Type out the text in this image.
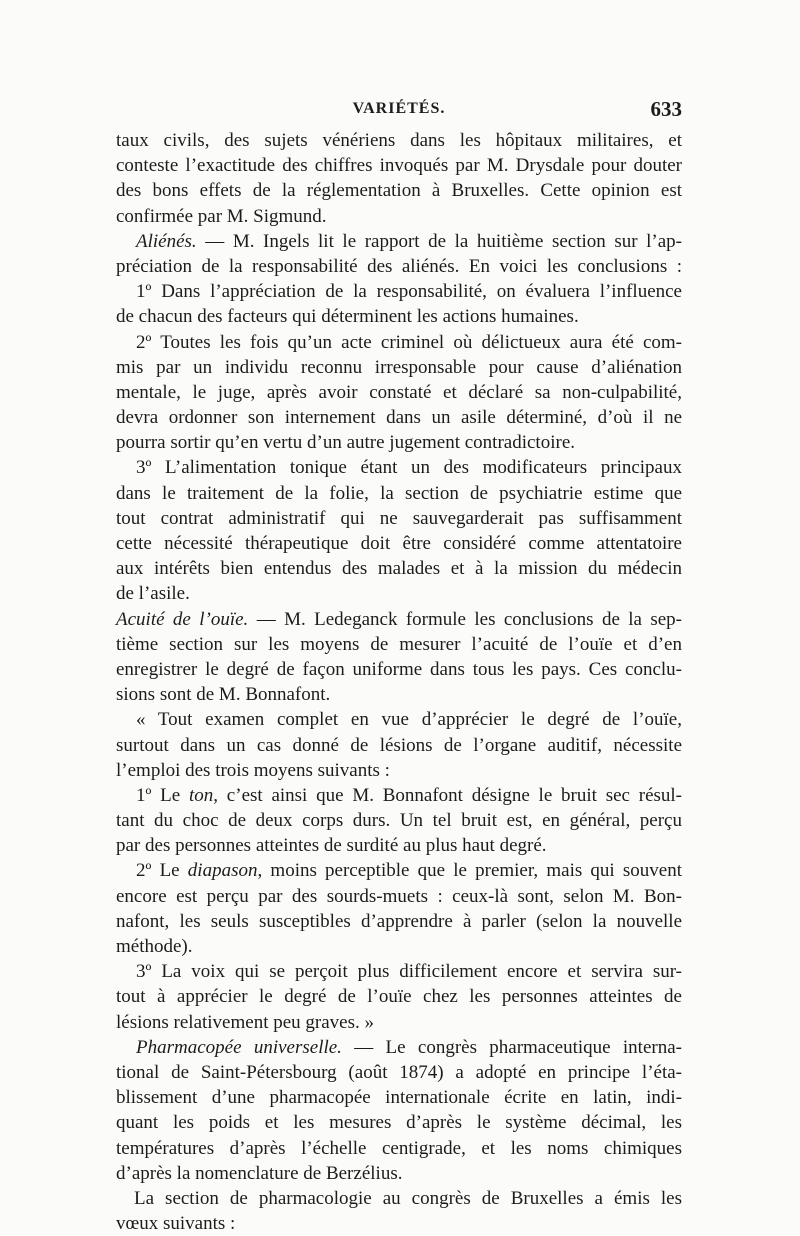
VARIÉTÉS.	633
taux civils, des sujets vénériens dans les hôpitaux militaires, et
conteste l’exactitude des chiffres invoqués par M. Drysdale pour douter
des bons effets de la réglementation à Bruxelles. Cette opinion est
confirmée par M. Sigmund.
Aliénés. — M. Ingels lit le rapport de la huitième section sur l’ap-
préciation de la responsabilité des aliénés. En voici les conclusions :
1º Dans l’appréciation de la responsabilité, on évaluera l’influence
de chacun des facteurs qui déterminent les actions humaines.
2º Toutes les fois qu’un acte criminel où délictueux aura été com-
mis par un individu reconnu irresponsable pour cause d’aliénation
mentale, le juge, après avoir constaté et déclaré sa non-culpabilité,
devra ordonner son internement dans un asile déterminé, d’où il ne
pourra sortir qu’en vertu d’un autre jugement contradictoire.
3º L’alimentation tonique étant un des modificateurs principaux
dans le traitement de la folie, la section de psychiatrie estime que
tout contrat administratif qui ne sauvegarderait pas suffisamment
cette nécessité thérapeutique doit être considéré comme attentatoire
aux intérêts bien entendus des malades et à la mission du médecin
de l’asile.
Acuité de l’ouïe. — M. Ledeganck formule les conclusions de la sep-
tième section sur les moyens de mesurer l’acuité de l’ouïe et d’en
enregistrer le degré de façon uniforme dans tous les pays. Ces conclu-
sions sont de M. Bonnafont.
« Tout examen complet en vue d’apprécier le degré de l’ouïe,
surtout dans un cas donné de lésions de l’organe auditif, nécessite
l’emploi des trois moyens suivants :
1º Le ton, c’est ainsi que M. Bonnafont désigne le bruit sec résul-
tant du choc de deux corps durs. Un tel bruit est, en général, perçu
par des personnes atteintes de surdité au plus haut degré.
2º Le diapason, moins perceptible que le premier, mais qui souvent
encore est perçu par des sourds-muets : ceux-là sont, selon M. Bon-
nafont, les seuls susceptibles d’apprendre à parler (selon la nouvelle
méthode).
3º La voix qui se perçoit plus difficilement encore et servira sur-
tout à apprécier le degré de l’ouïe chez les personnes atteintes de
lésions relativement peu graves. »
Pharmacopée universelle. — Le congrès pharmaceutique interna-
tional de Saint-Pétersbourg (août 1874) a adopté en principe l’éta-
blissement d’une pharmacopée internationale écrite en latin, indi-
quant les poids et les mesures d’après le système décimal, les
températures d’après l’échelle centigrade, et les noms chimiques
d’après la nomenclature de Berzélius.
La section de pharmacologie au congrès de Bruxelles a émis les
vœux suivants :
